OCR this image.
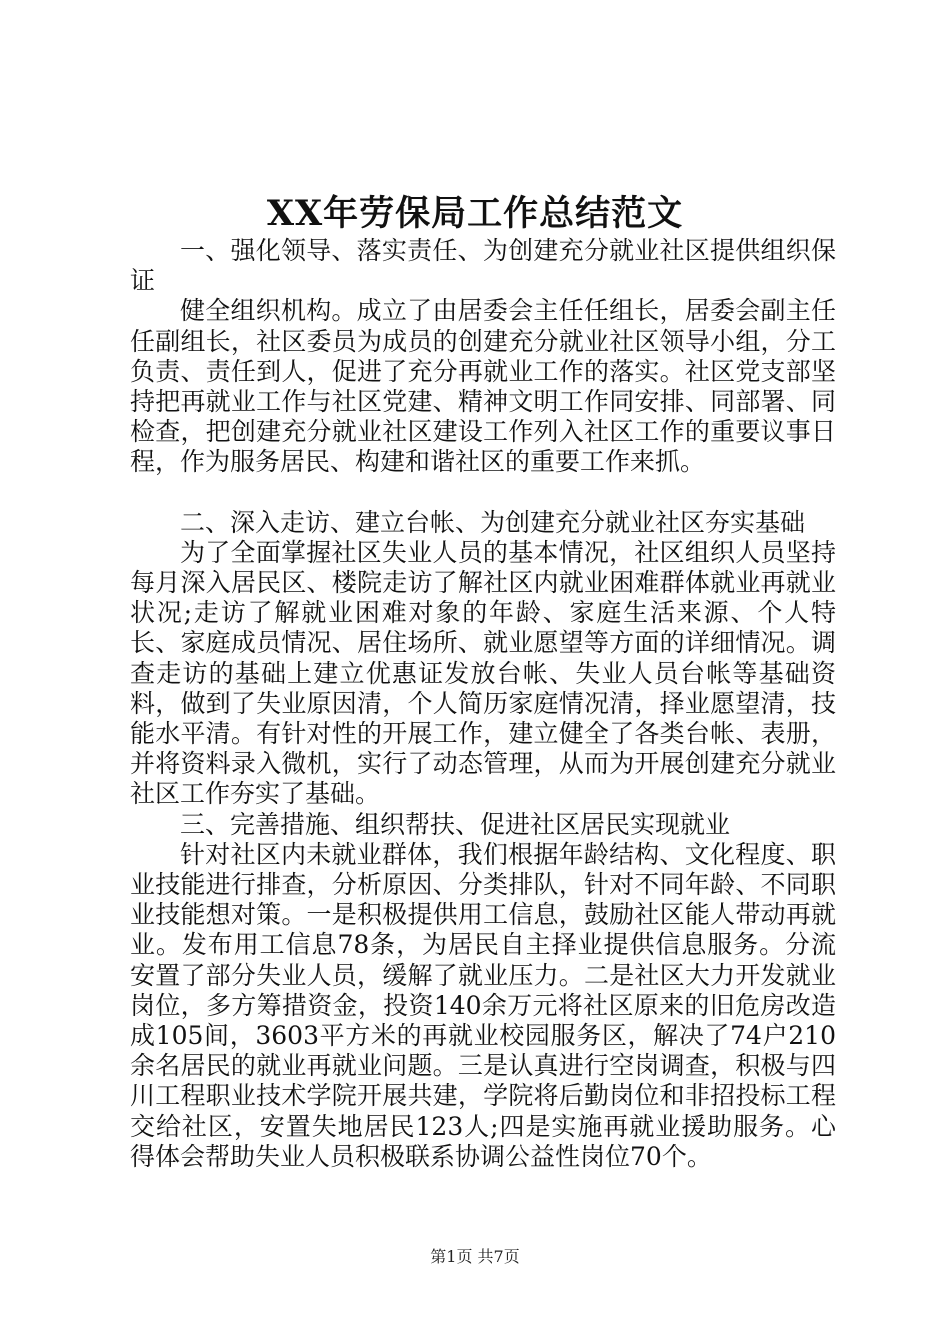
XX年劳保局工作总结范文

一、强化领导、落实责任、为创建充分就业社区提供组织保证

健全组织机构。成立了由居委会主任任组长，居委会副主任任副组长，社区委员为成员的创建充分就业社区领导小组，分工负责、责任到人，促进了充分再就业工作的落实。社区党支部坚持把再就业工作与社区党建、精神文明工作同安排、同部署、同检查，把创建充分就业社区建设工作列入社区工作的重要议事日程，作为服务居民、构建和谐社区的重要工作来抓。

二、深入走访、建立台帐、为创建充分就业社区夯实基础

为了全面掌握社区失业人员的基本情况，社区组织人员坚持每月深入居民区、楼院走访了解社区内就业困难群体就业再就业状况;走访了解就业困难对象的年龄、家庭生活来源、个人特长、家庭成员情况、居住场所、就业愿望等方面的详细情况。调查走访的基础上建立优惠证发放台帐、失业人员台帐等基础资料，做到了失业原因清，个人简历家庭情况清，择业愿望清，技能水平清。有针对性的开展工作，建立健全了各类台帐、表册，并将资料录入微机，实行了动态管理，从而为开展创建充分就业社区工作夯实了基础。

三、完善措施、组织帮扶、促进社区居民实现就业

针对社区内未就业群体，我们根据年龄结构、文化程度、职业技能进行排查，分析原因、分类排队，针对不同年龄、不同职业技能想对策。一是积极提供用工信息，鼓励社区能人带动再就业。发布用工信息78条，为居民自主择业提供信息服务。分流安置了部分失业人员，缓解了就业压力。二是社区大力开发就业岗位，多方筹措资金，投资140余万元将社区原来的旧危房改造成105间，3603平方米的再就业校园服务区，解决了74户210余名居民的就业再就业问题。三是认真进行空岗调查，积极与四川工程职业技术学院开展共建，学院将后勤岗位和非招投标工程交给社区，安置失地居民123人;四是实施再就业援助服务。心得体会帮助失业人员积极联系协调公益性岗位70个。

第1页 共7页
